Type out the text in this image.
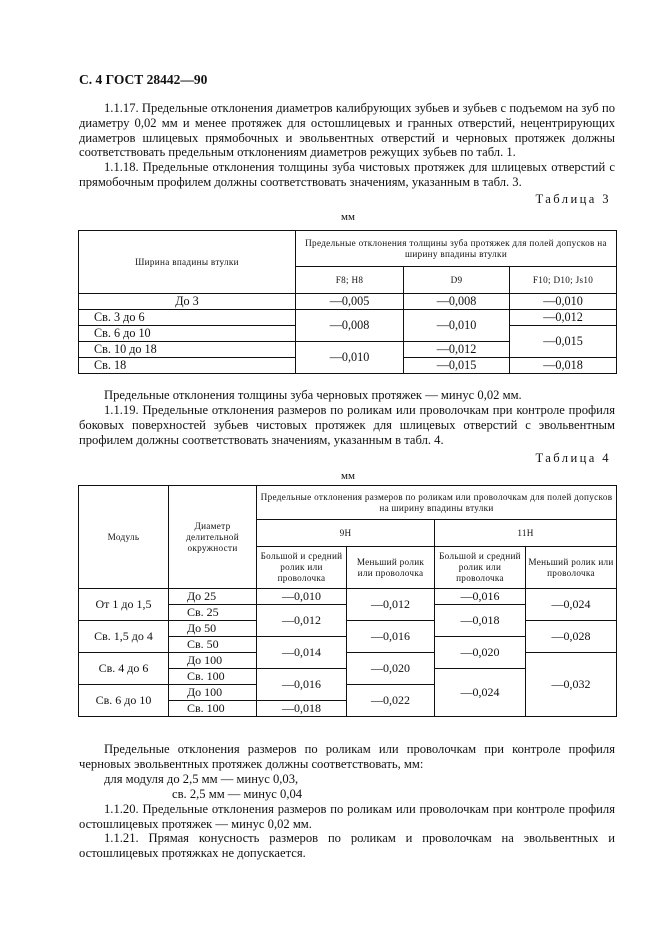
С. 4 ГОСТ 28442—90

1.1.17. Предельные отклонения диаметров калибрующих зубьев и зубьев с подъемом на зуб по диаметру 0,02 мм и менее протяжек для остошлицевых и гранных отверстий, нецентрирующих диаметров шлицевых прямобочных и эвольвентных отверстий и черновых протяжек должны соответствовать предельным отклонениям диаметров режущих зубьев по табл. 1.

1.1.18. Предельные отклонения толщины зуба чистовых протяжек для шлицевых отверстий с прямобочным профилем должны соответствовать значениям, указанным в табл. 3.

Таблица 3
мм
Ширина впадины втулки	Предельные отклонения толщины зуба протяжек для полей допусков на ширину впадины втулки		
	F8; H8	D9	F10; D10; Js10
До 3	—0,005	—0,008	—0,010
Св. 3 до 6	—0,008	—0,010	—0,012
Св. 6 до 10			—0,015
Св. 10 до 18	—0,010	—0,012	
Св. 18		—0,015	—0,018

Предельные отклонения толщины зуба черновых протяжек — минус 0,02 мм.

1.1.19. Предельные отклонения размеров по роликам или проволочкам при контроле профиля боковых поверхностей зубьев чистовых протяжек для шлицевых отверстий с эвольвентным профилем должны соответствовать значениям, указанным в табл. 4.

Таблица 4
мм
Модуль	Диаметр делительной окружности	Предельные отклонения размеров по роликам или проволочкам для полей допусков на ширину впадины втулки			
		9H		11H	
		Большой и средний ролик или проволочка	Меньший ролик или проволочка	Большой и средний ролик или проволочка	Меньший ролик или проволочка
От 1 до 1,5	До 25	—0,010	—0,012	—0,016	—0,024
	Св. 25	—0,012		—0,018	
Св. 1,5 до 4	До 50		—0,016		—0,028
	Св. 50	—0,014		—0,020	
Св. 4 до 6	До 100		—0,020		—0,032
	Св. 100	—0,016		—0,024	
Св. 6 до 10	До 100		—0,022		
	Св. 100	—0,018			

Предельные отклонения размеров по роликам или проволочкам при контроле профиля черновых эвольвентных протяжек должны соответствовать, мм:

для модуля до 2,5 мм — минус 0,03,
св. 2,5 мм — минус 0,04

1.1.20. Предельные отклонения размеров по роликам или проволочкам при контроле профиля остошлицевых протяжек — минус 0,02 мм.

1.1.21. Прямая конусность размеров по роликам и проволочкам на эвольвентных и остошлицевых протяжках не допускается.
